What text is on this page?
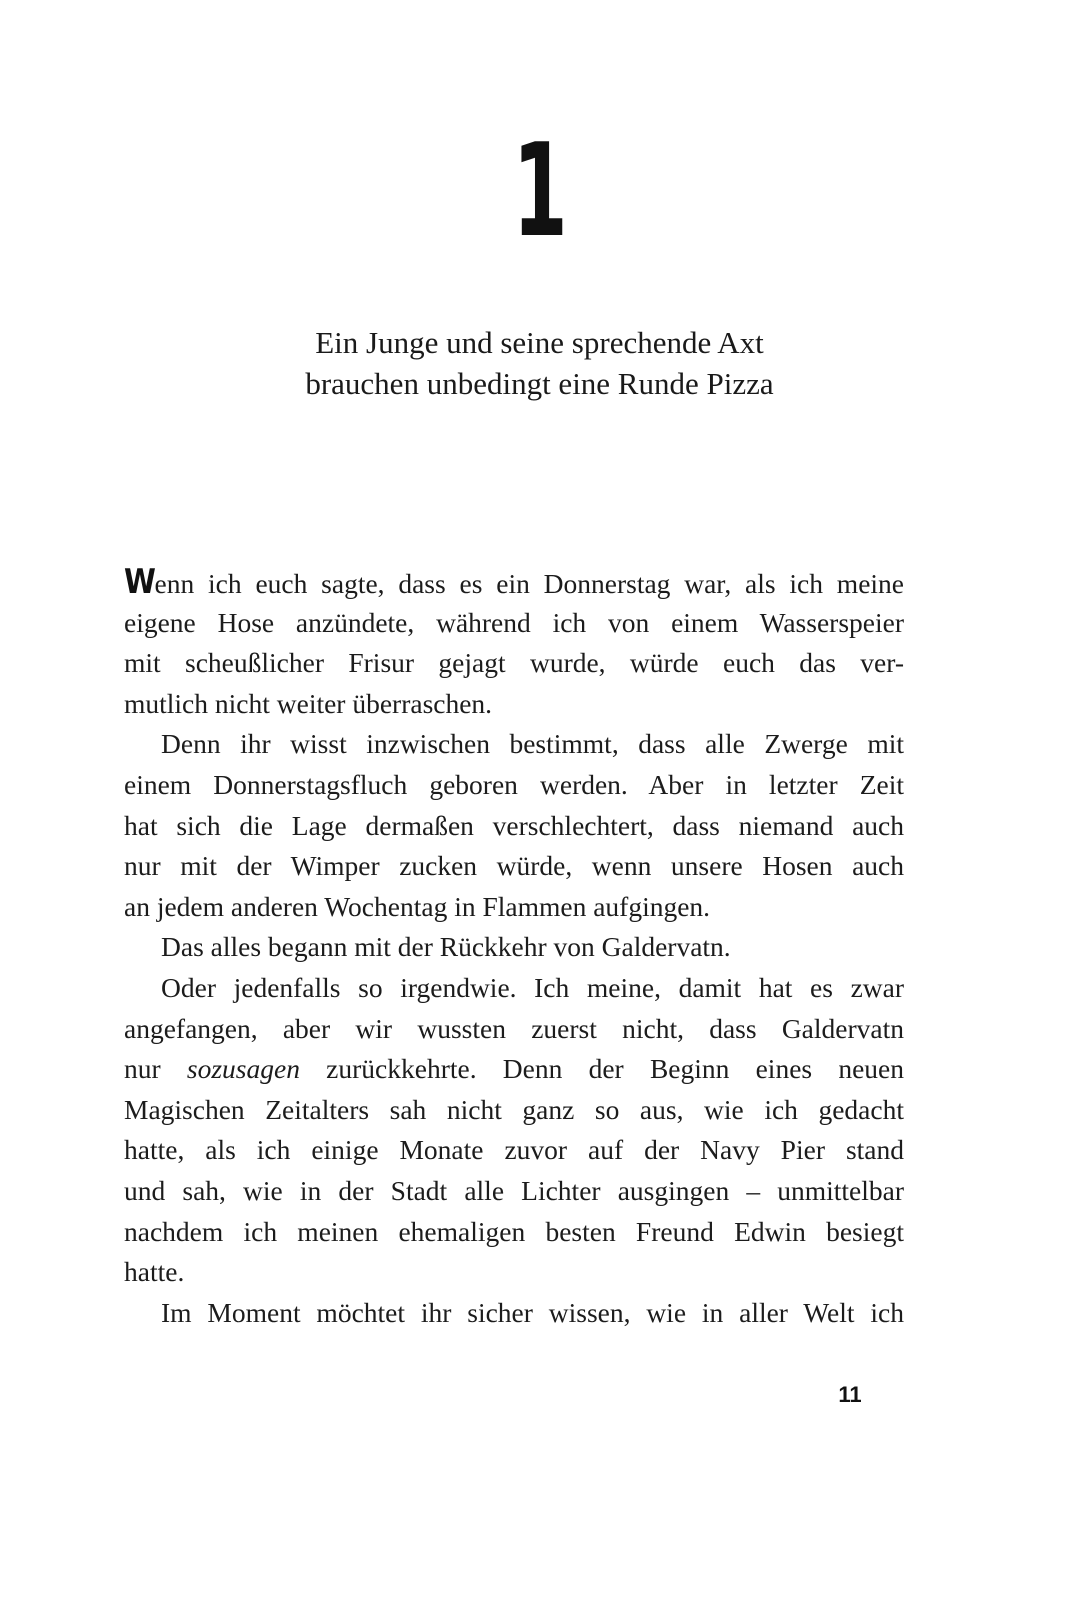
1
Ein Junge und seine sprechende Axt
brauchen unbedingt eine Runde Pizza
Wenn ich euch sagte, dass es ein Donnerstag war, als ich meine
eigene Hose anzündete, während ich von einem Wasserspeier
mit scheußlicher Frisur gejagt wurde, würde euch das ver-
mutlich nicht weiter überraschen.
Denn ihr wisst inzwischen bestimmt, dass alle Zwerge mit
einem Donnerstagsfluch geboren werden. Aber in letzter Zeit
hat sich die Lage dermaßen verschlechtert, dass niemand auch
nur mit der Wimper zucken würde, wenn unsere Hosen auch
an jedem anderen Wochentag in Flammen aufgingen.
Das alles begann mit der Rückkehr von Galdervatn.
Oder jedenfalls so irgendwie. Ich meine, damit hat es zwar
angefangen, aber wir wussten zuerst nicht, dass Galdervatn
nur sozusagen zurückkehrte. Denn der Beginn eines neuen
Magischen Zeitalters sah nicht ganz so aus, wie ich gedacht
hatte, als ich einige Monate zuvor auf der Navy Pier stand
und sah, wie in der Stadt alle Lichter ausgingen – unmittelbar
nachdem ich meinen ehemaligen besten Freund Edwin besiegt
hatte.
Im Moment möchtet ihr sicher wissen, wie in aller Welt ich
11
